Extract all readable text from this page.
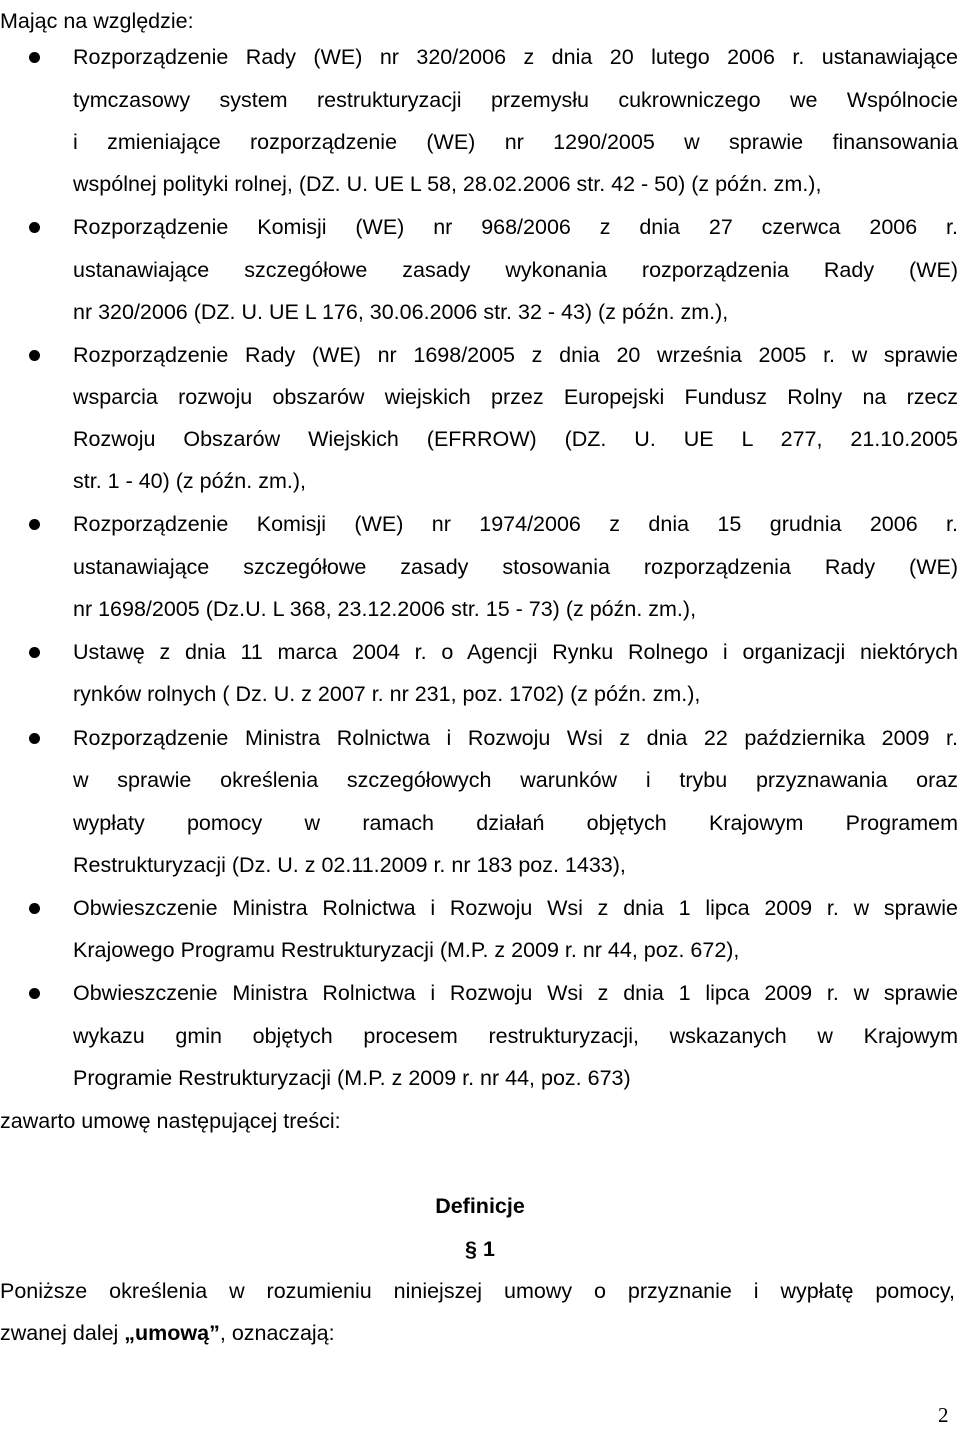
Mając na względzie:
Rozporządzenie Rady (WE) nr 320/2006 z dnia 20 lutego 2006 r. ustanawiające
tymczasowy system restrukturyzacji przemysłu cukrowniczego we Wspólnocie
i zmieniające rozporządzenie (WE) nr 1290/2005 w sprawie finansowania
wspólnej polityki rolnej, (DZ. U. UE L 58, 28.02.2006 str. 42 - 50) (z późn. zm.),
Rozporządzenie Komisji (WE) nr 968/2006 z dnia 27 czerwca 2006 r.
ustanawiające szczegółowe zasady wykonania rozporządzenia Rady (WE)
nr 320/2006 (DZ. U. UE L 176, 30.06.2006 str. 32 - 43) (z późn. zm.),
Rozporządzenie Rady (WE) nr 1698/2005 z dnia 20 września 2005 r. w sprawie
wsparcia rozwoju obszarów wiejskich przez Europejski Fundusz Rolny na rzecz
Rozwoju Obszarów Wiejskich (EFRROW) (DZ. U. UE L 277, 21.10.2005
str. 1 - 40) (z późn. zm.),
Rozporządzenie Komisji (WE) nr 1974/2006 z dnia 15 grudnia 2006 r.
ustanawiające szczegółowe zasady stosowania rozporządzenia Rady (WE)
nr 1698/2005 (Dz.U. L 368, 23.12.2006 str. 15 - 73) (z późn. zm.),
Ustawę z dnia 11 marca 2004 r. o Agencji Rynku Rolnego i organizacji niektórych
rynków rolnych ( Dz. U. z 2007 r. nr 231, poz. 1702) (z późn. zm.),
Rozporządzenie Ministra Rolnictwa i Rozwoju Wsi z dnia 22 października 2009 r.
w sprawie określenia szczegółowych warunków i trybu przyznawania oraz
wypłaty pomocy w ramach działań objętych Krajowym Programem
Restrukturyzacji (Dz. U. z 02.11.2009 r. nr 183 poz. 1433),
Obwieszczenie Ministra Rolnictwa i Rozwoju Wsi z dnia 1 lipca 2009 r. w sprawie
Krajowego Programu Restrukturyzacji (M.P. z 2009 r. nr 44, poz. 672),
Obwieszczenie Ministra Rolnictwa i Rozwoju Wsi z dnia 1 lipca 2009 r. w sprawie
wykazu gmin objętych procesem restrukturyzacji, wskazanych w Krajowym
Programie Restrukturyzacji (M.P. z 2009 r. nr 44, poz. 673)
zawarto umowę następującej treści:
Definicje
§ 1
Poniższe określenia w rozumieniu niniejszej umowy o przyznanie i wypłatę pomocy,
zwanej dalej „umową”, oznaczają:
2
